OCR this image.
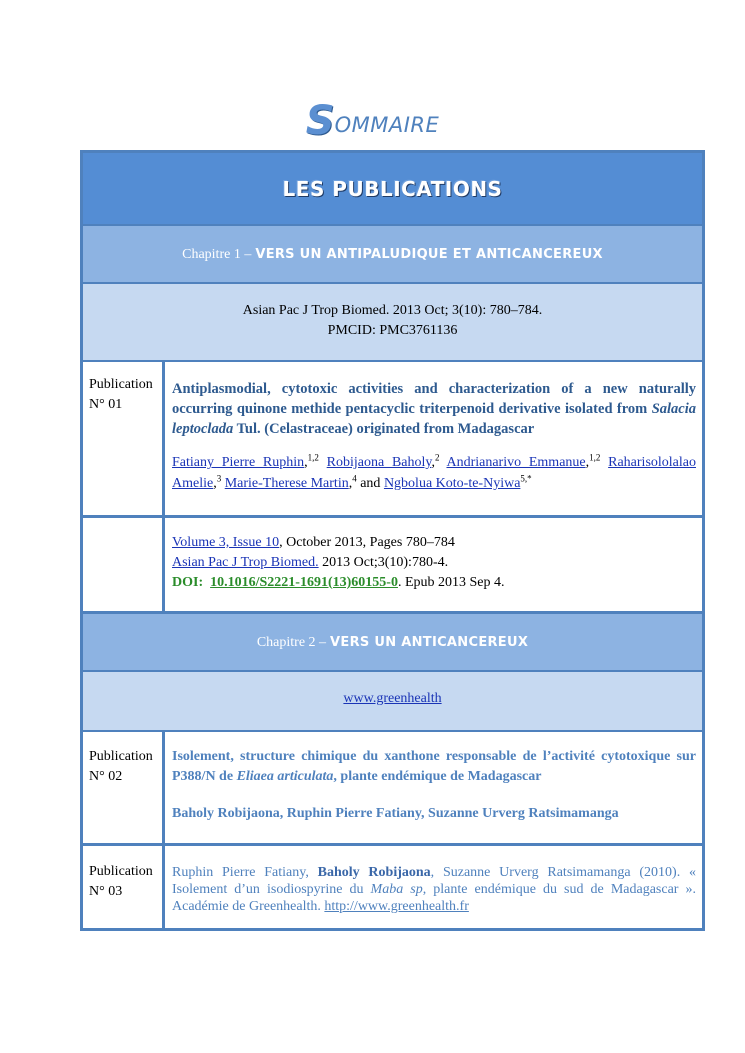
SOMMAIRE
LES PUBLICATIONS
Chapitre 1 – VERS UN ANTIPALUDIQUE ET ANTICANCEREUX
Asian Pac J Trop Biomed. 2013 Oct; 3(10): 780–784.
PMCID: PMC3761136
Publication
N° 01
Antiplasmodial, cytotoxic activities and characterization of a new naturally occurring quinone methide pentacyclic triterpenoid derivative isolated from Salacia leptoclada Tul. (Celastraceae) originated from Madagascar
Fatiany Pierre Ruphin,$^{1,2}$ Robijaona Baholy,$^2$ Andrianarivo Emmanue,$^{1,2}$ Raharisololalao Amelie,$^3$ Marie-Therese Martin,$^4$ and Ngbolua Koto-te-Nyiwa$^{5,*}$
Volume 3, Issue 10, October 2013, Pages 780–784
Asian Pac J Trop Biomed. 2013 Oct;3(10):780-4.
DOI: 10.1016/S2221-1691(13)60155-0. Epub 2013 Sep 4.
Chapitre 2 – VERS UN ANTICANCEREUX
www.greenhealth
Publication
N° 02
Isolement, structure chimique du xanthone responsable de l’activité cytotoxique sur P388/N de Eliaea articulata, plante endémique de Madagascar
Baholy Robijaona, Ruphin Pierre Fatiany, Suzanne Urverg Ratsimamanga
Publication
N° 03
Ruphin Pierre Fatiany, Baholy Robijaona, Suzanne Urverg Ratsimamanga (2010). « Isolement d’un isodiospyrine du Maba sp, plante endémique du sud de Madagascar ». Académie de Greenhealth. http://www.greenhealth.fr
